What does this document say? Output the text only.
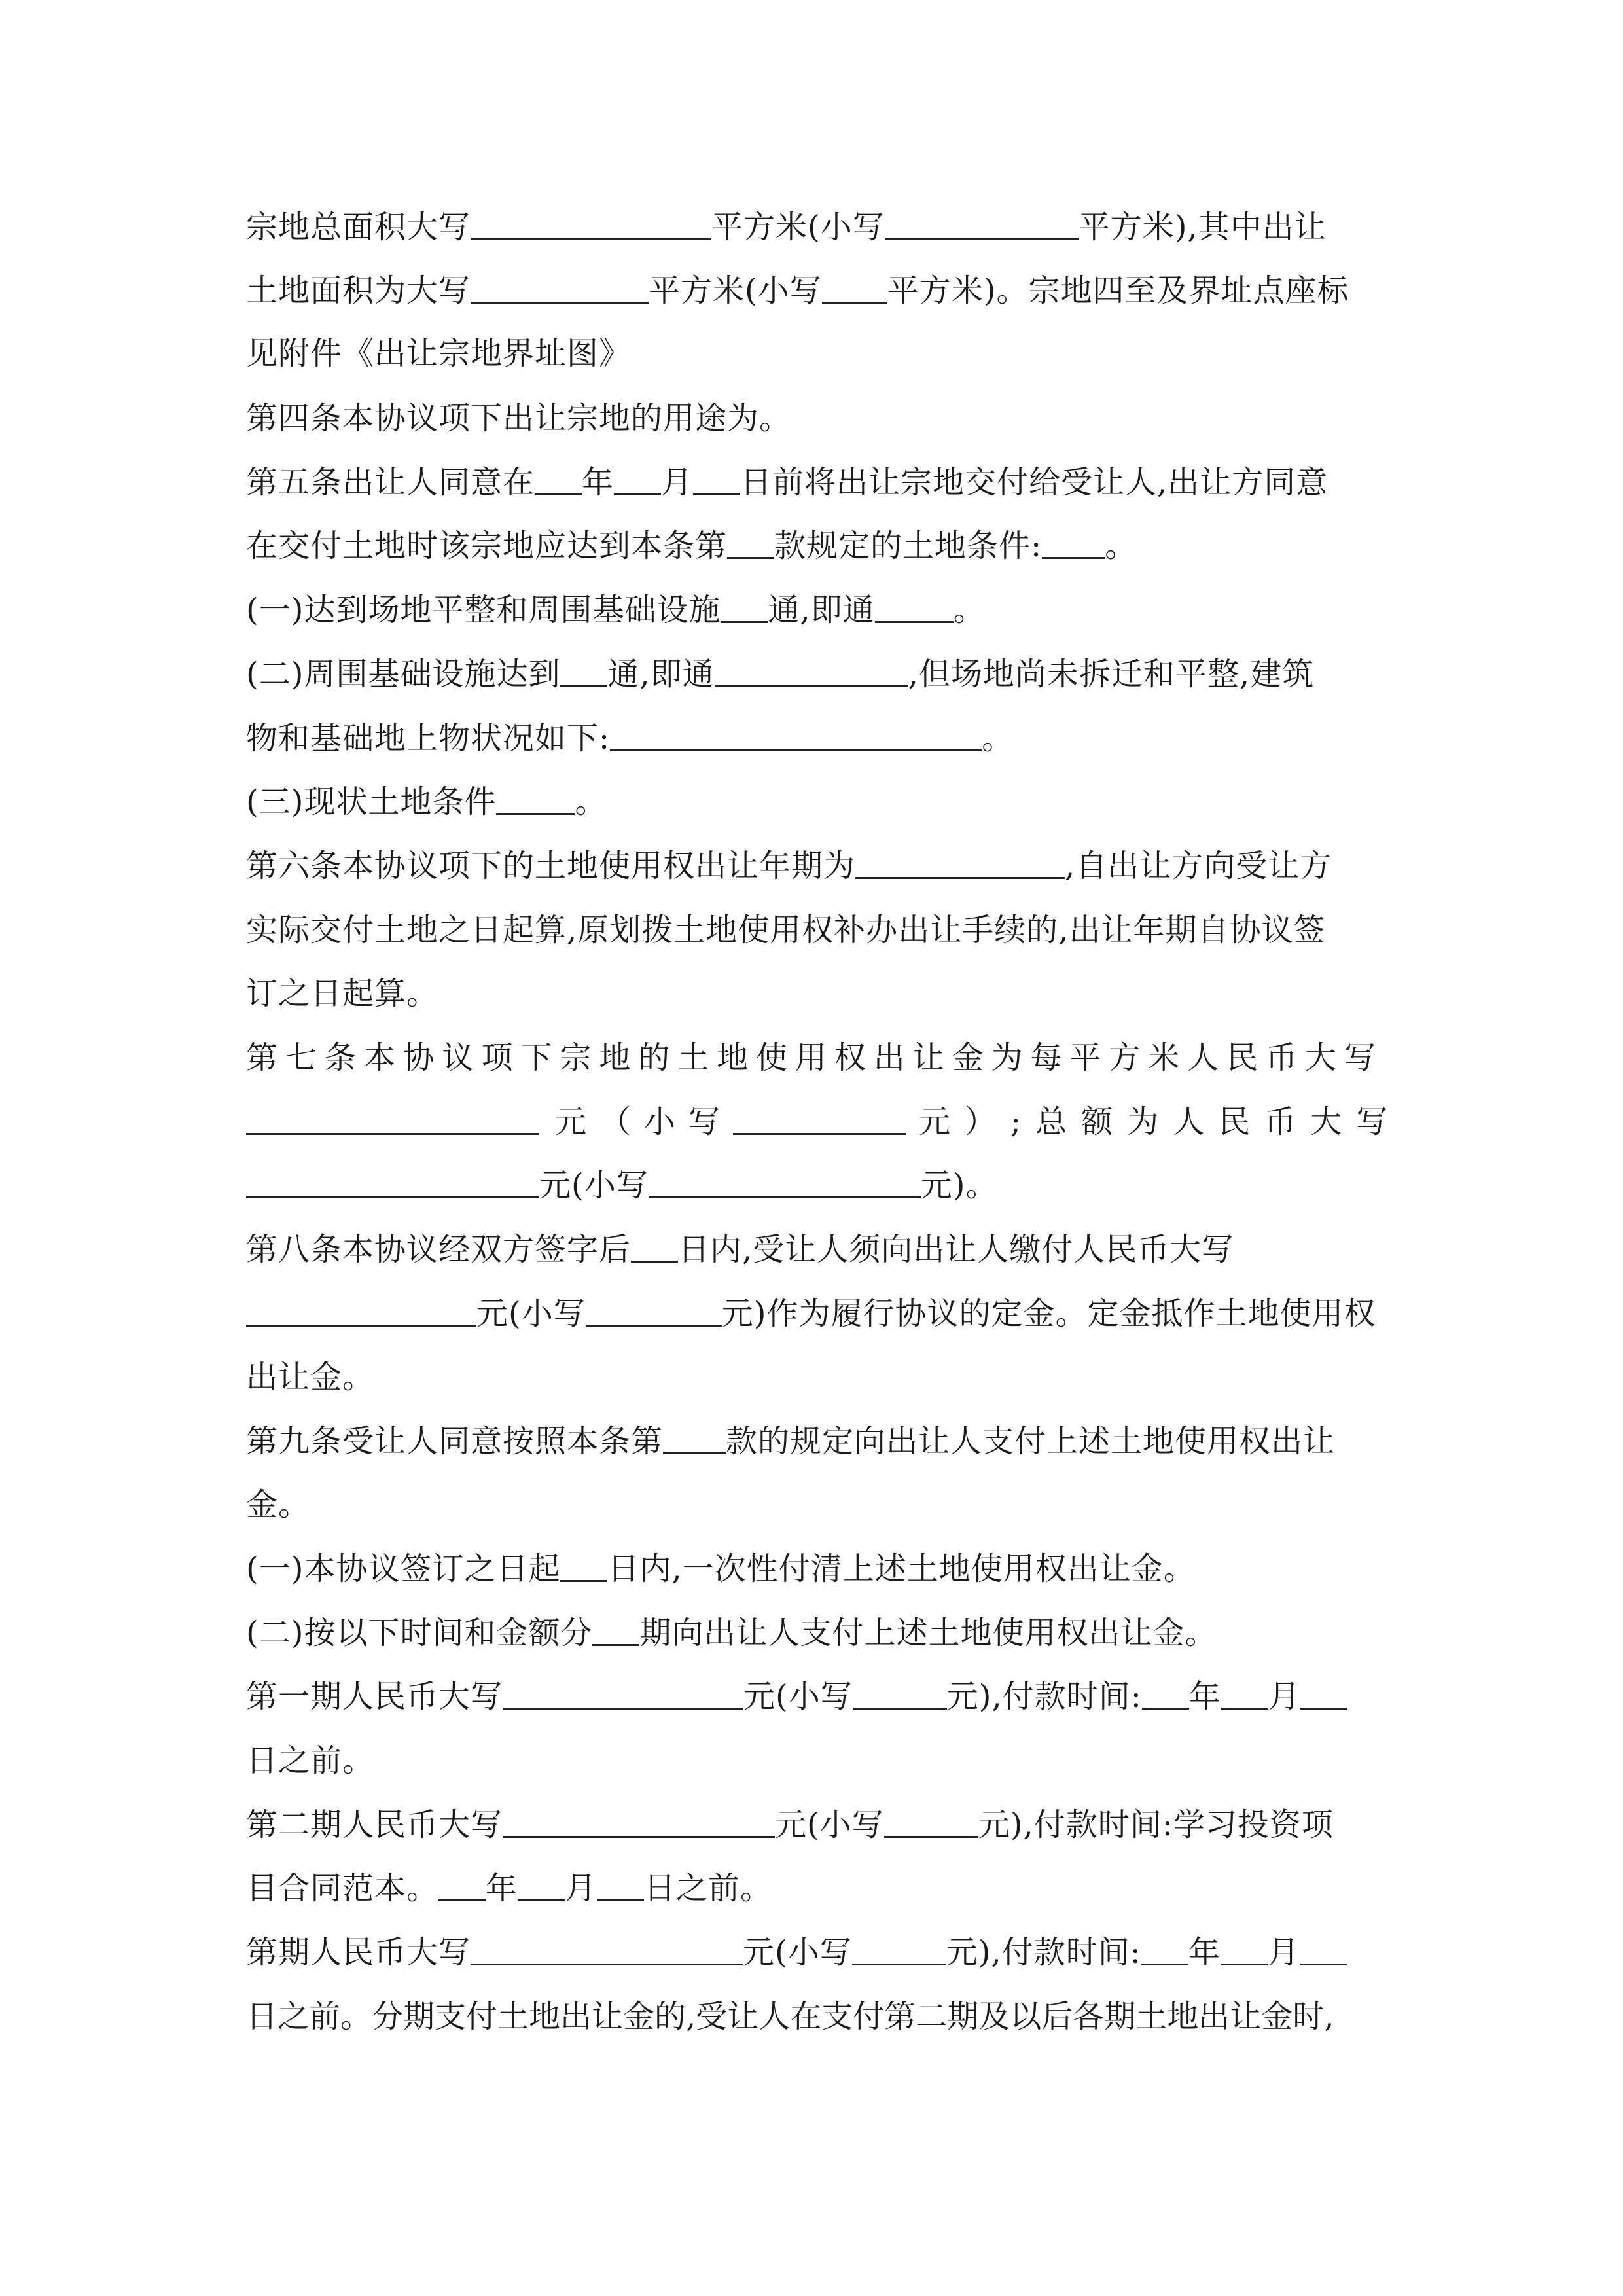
宗地总面积大写	平方米(小写	平方米),其中出让
土地面积为大写	平方米(小写 平方米)。宗地四至及界址点座标
见附件《出让宗地界址图》
第四条本协议项下出让宗地的用途为。
第五条出让人同意在 年 月 日前将出让宗地交付给受让人,出让方同意
在交付土地时该宗地应达到本条第 款规定的土地条件: 。
(一)达到场地平整和周围基础设施 通,即通	。
(二)周围基础设施达到 通,即通	,但场地尚未拆迁和平整,建筑
物和基础地上物状况如下:	。
(三)现状土地条件	。
第六条本协议项下的土地使用权出让年期为	,自出让方向受让方
实际交付土地之日起算,原划拨土地使用权补办出让手续的,出让年期自协议签
订之日起算。
第七条本协议项下宗地的土地使用权出让金为每平方米人民币大写
元（小写	元）;总额为人民币大写
元(小写	元)。
第八条本协议经双方签字后 日内,受让人须向出让人缴付人民币大写
元(小写	元)作为履行协议的定金。定金抵作土地使用权
出让金。
第九条受让人同意按照本条第 款的规定向出让人支付上述土地使用权出让
金。
(一)本协议签订之日起 日内,一次性付清上述土地使用权出让金。
(二)按以下时间和金额分 期向出让人支付上述土地使用权出让金。
第一期人民币大写	元(小写	元),付款时间: 年 月
日之前。
第二期人民币大写	元(小写	元),付款时间:学习投资项
目合同范本。 年 月 日之前。
第期人民币大写	元(小写	元),付款时间: 年 月
日之前。分期支付土地出让金的,受让人在支付第二期及以后各期土地出让金时,
